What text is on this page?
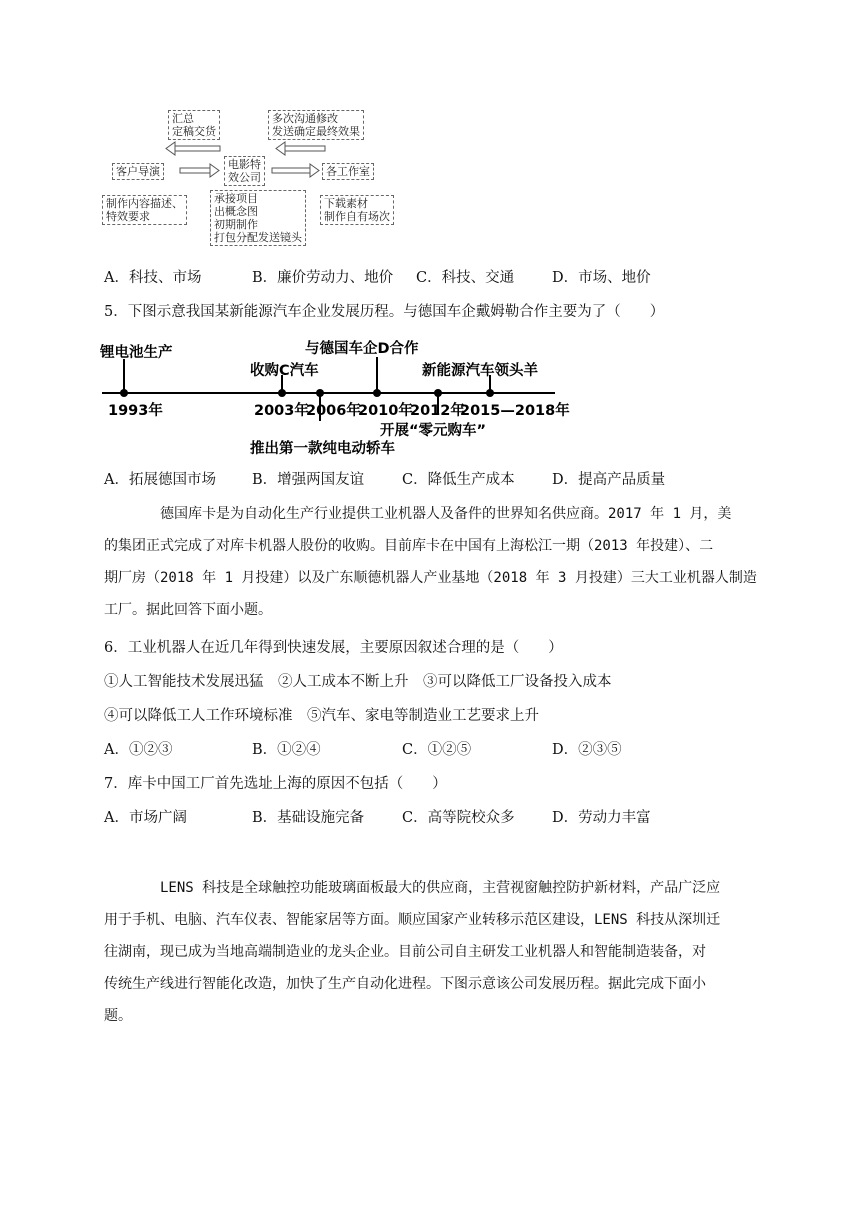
汇总
定稿交货
多次沟通修改
发送确定最终效果
客户导演
电影特
效公司	各工作室
制作内容描述、
特效要求
承接项目
出概念图
初期制作
打包分配发送镜头
下载素材
制作自有场次
A．科技、市场	B．廉价劳动力、地价 C．科技、交通	D．市场、地价
5．下图示意我国某新能源汽车企业发展历程。与德国车企戴姆勒合作主要为了（　　）
锂电池生产
收购C汽车
与德国车企D合作
新能源汽车领头羊
1993年	2003年
2006年
2010年
2012年
2015—2018年
开展“零元购车”
推出第一款纯电动轿车
A．拓展德国市场 B．增强两国友谊	C．降低生产成本	D．提高产品质量
德国库卡是为自动化生产行业提供工业机器人及备件的世界知名供应商。2017 年 1 月，美
的集团正式完成了对库卡机器人股份的收购。目前库卡在中国有上海松江一期（2013 年投建）、二
期厂房（2018 年 1 月投建）以及广东顺德机器人产业基地（2018 年 3 月投建）三大工业机器人制造
工厂。据此回答下面小题。
6．工业机器人在近几年得到快速发展，主要原因叙述合理的是（　　）
①人工智能技术发展迅猛　②人工成本不断上升　③可以降低工厂设备投入成本
④可以降低工人工作环境标准　⑤汽车、家电等制造业工艺要求上升
A．①②③	B．①②④	C．①②⑤	D．②③⑤
7．库卡中国工厂首先选址上海的原因不包括（　　）
A．市场广阔	B．基础设施完备	C．高等院校众多	D．劳动力丰富
LENS 科技是全球触控功能玻璃面板最大的供应商，主营视窗触控防护新材料，产品广泛应
用于手机、电脑、汽车仪表、智能家居等方面。顺应国家产业转移示范区建设，LENS 科技从深圳迁
往湖南，现已成为当地高端制造业的龙头企业。目前公司自主研发工业机器人和智能制造装备，对
传统生产线进行智能化改造，加快了生产自动化进程。下图示意该公司发展历程。据此完成下面小
题。
